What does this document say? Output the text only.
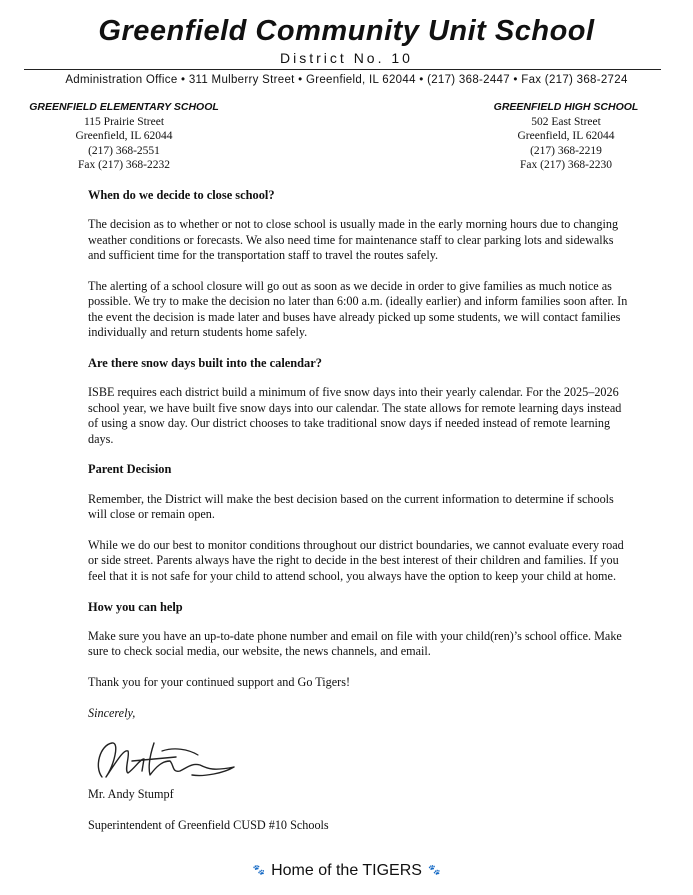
Greenfield Community Unit School
District No. 10
Administration Office • 311 Mulberry Street • Greenfield, IL 62044 • (217) 368-2447 • Fax (217) 368-2724
GREENFIELD ELEMENTARY SCHOOL
115 Prairie Street
Greenfield, IL 62044
(217) 368-2551
Fax (217) 368-2232
GREENFIELD HIGH SCHOOL
502 East Street
Greenfield, IL 62044
(217) 368-2219
Fax (217) 368-2230
When do we decide to close school?

The decision as to whether or not to close school is usually made in the early morning hours due to changing weather conditions or forecasts. We also need time for maintenance staff to clear parking lots and sidewalks and sufficient time for the transportation staff to travel the routes safely.

The alerting of a school closure will go out as soon as we decide in order to give families as much notice as possible. We try to make the decision no later than 6:00 a.m. (ideally earlier) and inform families soon after. In the event the decision is made later and buses have already picked up some students, we will contact families individually and return students home safely.

Are there snow days built into the calendar?

ISBE requires each district build a minimum of five snow days into their yearly calendar. For the 2025–2026 school year, we have built five snow days into our calendar. The state allows for remote learning days instead of using a snow day. Our district chooses to take traditional snow days if needed instead of remote learning days.

Parent Decision

Remember, the District will make the best decision based on the current information to determine if schools will close or remain open.

While we do our best to monitor conditions throughout our district boundaries, we cannot evaluate every road or side street. Parents always have the right to decide in the best interest of their children and families. If you feel that it is not safe for your child to attend school, you always have the option to keep your child at home.

How you can help

Make sure you have an up-to-date phone number and email on file with your child(ren)’s school office. Make sure to check social media, our website, the news channels, and email.

Thank you for your continued support and Go Tigers!

Sincerely,

Mr. Andy Stumpf

Superintendent of Greenfield CUSD #10 Schools

🐾 Home of the TIGERS 🐾
